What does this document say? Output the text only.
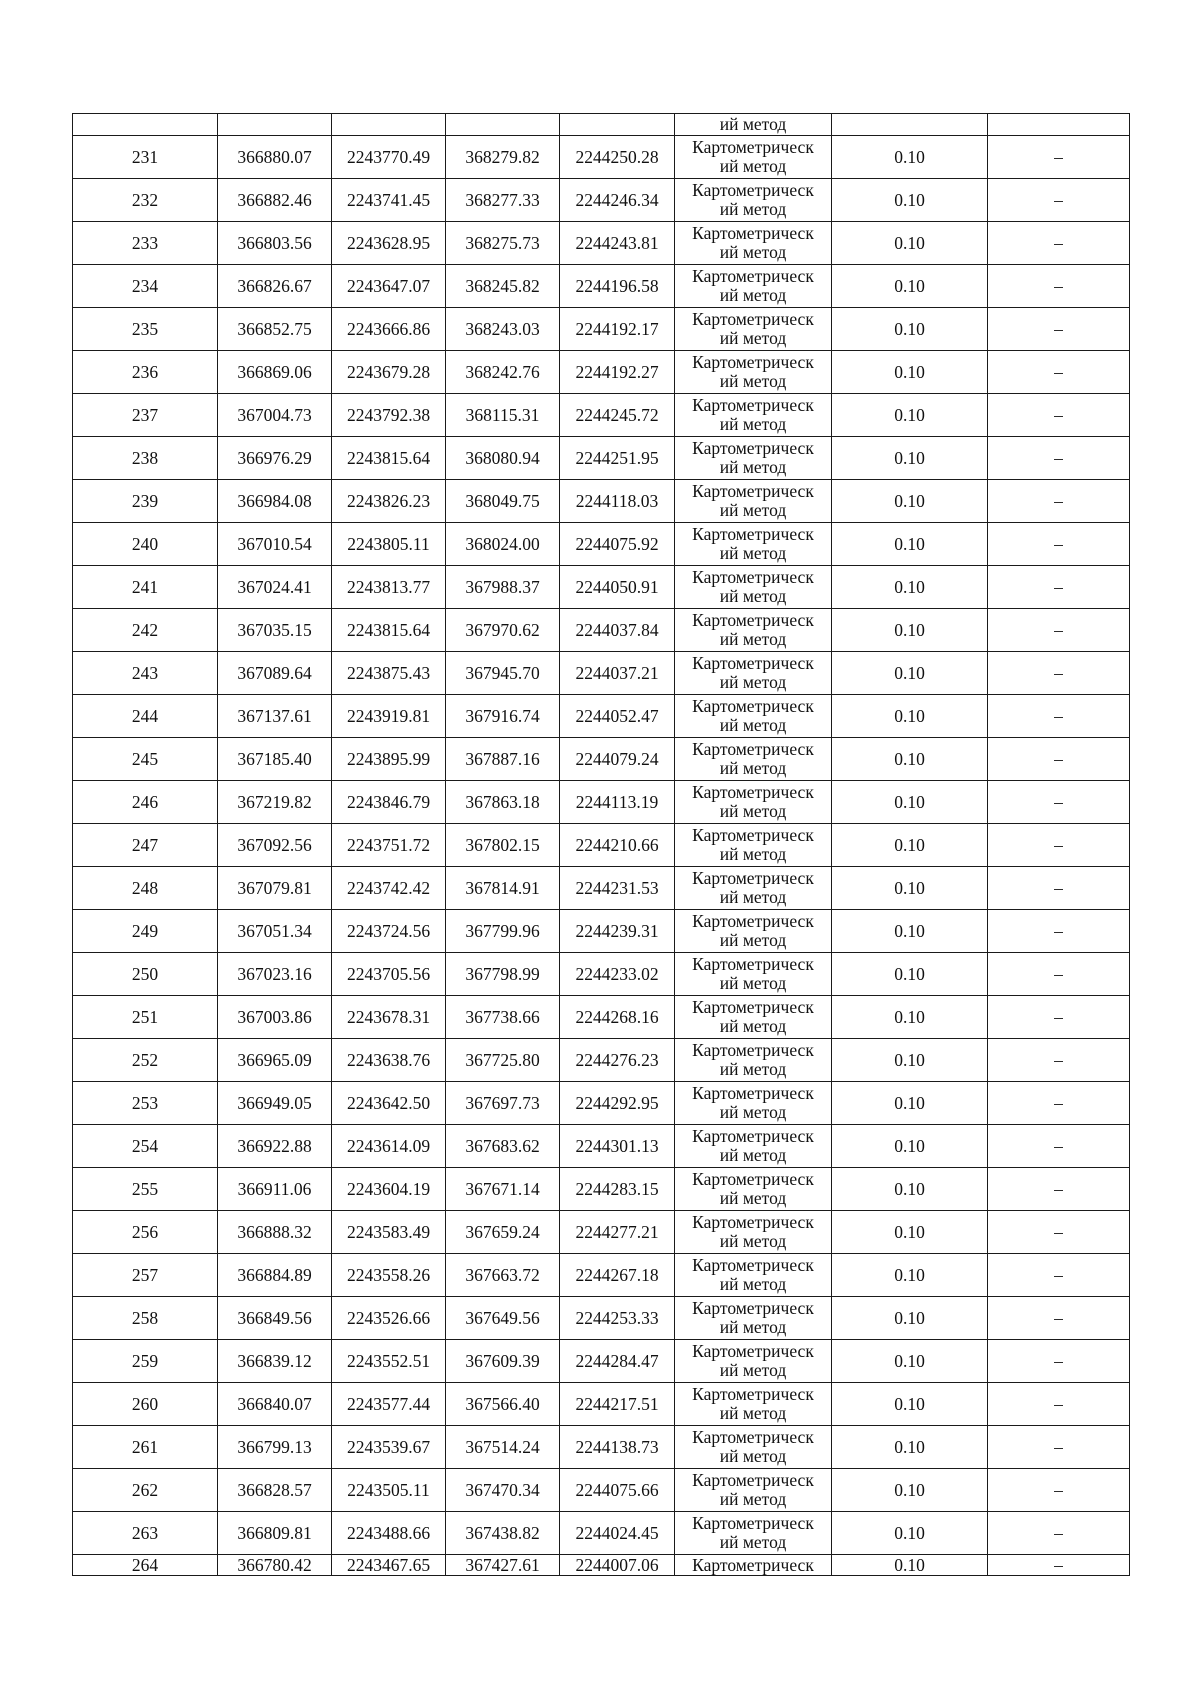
					ий метод		
231	366880.07	2243770.49	368279.82	2244250.28	Картометрическ
ий метод	0.10	–
232	366882.46	2243741.45	368277.33	2244246.34	Картометрическ
ий метод	0.10	–
233	366803.56	2243628.95	368275.73	2244243.81	Картометрическ
ий метод	0.10	–
234	366826.67	2243647.07	368245.82	2244196.58	Картометрическ
ий метод	0.10	–
235	366852.75	2243666.86	368243.03	2244192.17	Картометрическ
ий метод	0.10	–
236	366869.06	2243679.28	368242.76	2244192.27	Картометрическ
ий метод	0.10	–
237	367004.73	2243792.38	368115.31	2244245.72	Картометрическ
ий метод	0.10	–
238	366976.29	2243815.64	368080.94	2244251.95	Картометрическ
ий метод	0.10	–
239	366984.08	2243826.23	368049.75	2244118.03	Картометрическ
ий метод	0.10	–
240	367010.54	2243805.11	368024.00	2244075.92	Картометрическ
ий метод	0.10	–
241	367024.41	2243813.77	367988.37	2244050.91	Картометрическ
ий метод	0.10	–
242	367035.15	2243815.64	367970.62	2244037.84	Картометрическ
ий метод	0.10	–
243	367089.64	2243875.43	367945.70	2244037.21	Картометрическ
ий метод	0.10	–
244	367137.61	2243919.81	367916.74	2244052.47	Картометрическ
ий метод	0.10	–
245	367185.40	2243895.99	367887.16	2244079.24	Картометрическ
ий метод	0.10	–
246	367219.82	2243846.79	367863.18	2244113.19	Картометрическ
ий метод	0.10	–
247	367092.56	2243751.72	367802.15	2244210.66	Картометрическ
ий метод	0.10	–
248	367079.81	2243742.42	367814.91	2244231.53	Картометрическ
ий метод	0.10	–
249	367051.34	2243724.56	367799.96	2244239.31	Картометрическ
ий метод	0.10	–
250	367023.16	2243705.56	367798.99	2244233.02	Картометрическ
ий метод	0.10	–
251	367003.86	2243678.31	367738.66	2244268.16	Картометрическ
ий метод	0.10	–
252	366965.09	2243638.76	367725.80	2244276.23	Картометрическ
ий метод	0.10	–
253	366949.05	2243642.50	367697.73	2244292.95	Картометрическ
ий метод	0.10	–
254	366922.88	2243614.09	367683.62	2244301.13	Картометрическ
ий метод	0.10	–
255	366911.06	2243604.19	367671.14	2244283.15	Картометрическ
ий метод	0.10	–
256	366888.32	2243583.49	367659.24	2244277.21	Картометрическ
ий метод	0.10	–
257	366884.89	2243558.26	367663.72	2244267.18	Картометрическ
ий метод	0.10	–
258	366849.56	2243526.66	367649.56	2244253.33	Картометрическ
ий метод	0.10	–
259	366839.12	2243552.51	367609.39	2244284.47	Картометрическ
ий метод	0.10	–
260	366840.07	2243577.44	367566.40	2244217.51	Картометрическ
ий метод	0.10	–
261	366799.13	2243539.67	367514.24	2244138.73	Картометрическ
ий метод	0.10	–
262	366828.57	2243505.11	367470.34	2244075.66	Картометрическ
ий метод	0.10	–
263	366809.81	2243488.66	367438.82	2244024.45	Картометрическ
ий метод	0.10	–
264	366780.42	2243467.65	367427.61	2244007.06	Картометрическ	0.10	–
